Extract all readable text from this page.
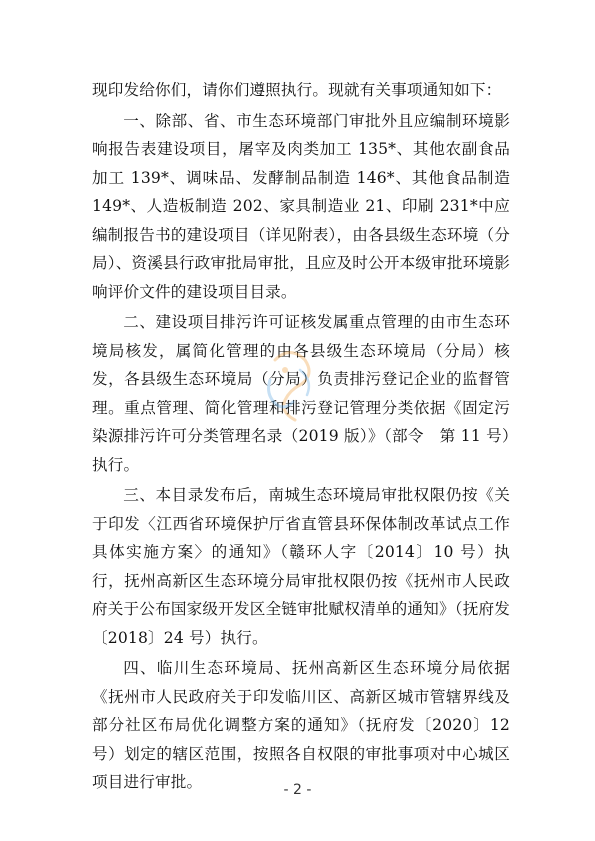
现印发给你们，请你们遵照执行。现就有关事项通知如下：

一、除部、省、市生态环境部门审批外且应编制环境影响报告表建设项目，屠宰及肉类加工 135*、其他农副食品加工 139*、调味品、发酵制品制造 146*、其他食品制造 149*、人造板制造 202、家具制造业 21、印刷 231*中应编制报告书的建设项目（详见附表），由各县级生态环境（分局）、资溪县行政审批局审批，且应及时公开本级审批环境影响评价文件的建设项目目录。

二、建设项目排污许可证核发属重点管理的由市生态环境局核发，属简化管理的由各县级生态环境局（分局）核发，各县级生态环境局（分局）负责排污登记企业的监督管理。重点管理、简化管理和排污登记管理分类依据《固定污染源排污许可分类管理名录（2019 版）》（部令　第 11 号）执行。

三、本目录发布后，南城生态环境局审批权限仍按《关于印发〈江西省环境保护厅省直管县环保体制改革试点工作具体实施方案〉的通知》（赣环人字〔2014〕10 号）执行，抚州高新区生态环境分局审批权限仍按《抚州市人民政府关于公布国家级开发区全链审批赋权清单的通知》（抚府发〔2018〕24 号）执行。

四、临川生态环境局、抚州高新区生态环境分局依据《抚州市人民政府关于印发临川区、高新区城市管辖界线及部分社区布局优化调整方案的通知》（抚府发〔2020〕12 号）划定的辖区范围，按照各自权限的审批事项对中心城区项目进行审批。	- 2 -
